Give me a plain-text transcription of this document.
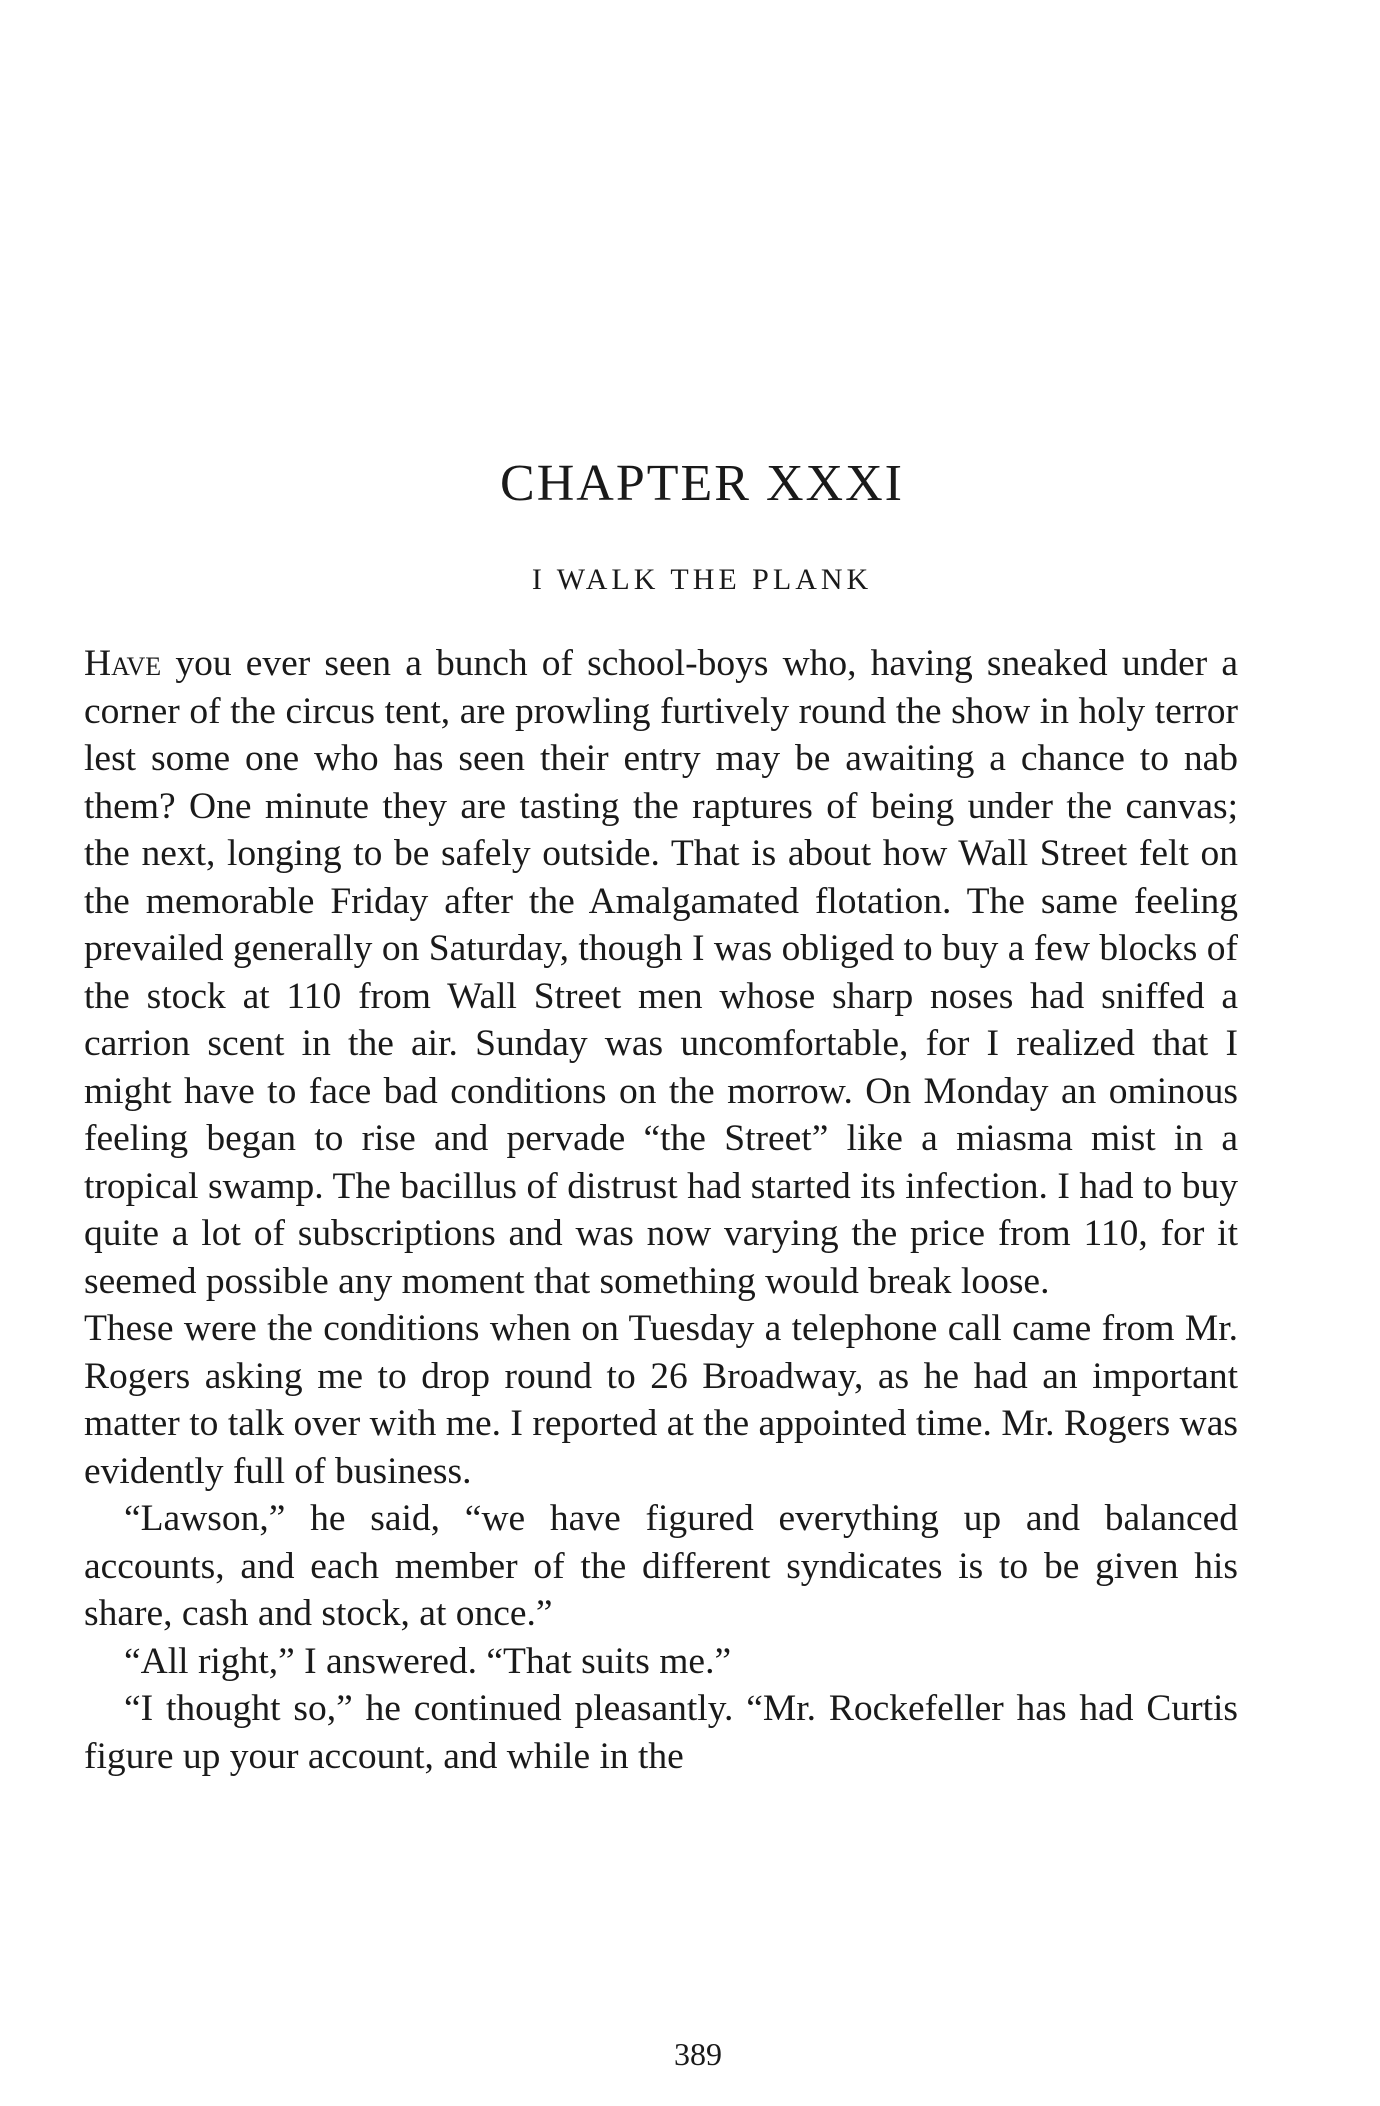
CHAPTER XXXI
I WALK THE PLANK

Have you ever seen a bunch of school-boys who, having sneaked under a corner of the circus tent, are prowling furtively round the show in holy terror lest some one who has seen their entry may be awaiting a chance to nab them? One minute they are tasting the raptures of being under the canvas; the next, longing to be safely outside. That is about how Wall Street felt on the memorable Friday after the Amalgamated flotation. The same feeling prevailed generally on Saturday, though I was obliged to buy a few blocks of the stock at 110 from Wall Street men whose sharp noses had sniffed a carrion scent in the air. Sunday was uncomfortable, for I realized that I might have to face bad conditions on the morrow. On Monday an ominous feeling began to rise and pervade “the Street” like a miasma mist in a tropical swamp. The bacillus of distrust had started its infection. I had to buy quite a lot of subscriptions and was now varying the price from 110, for it seemed possible any moment that something would break loose.

These were the conditions when on Tuesday a telephone call came from Mr. Rogers asking me to drop round to 26 Broadway, as he had an important matter to talk over with me. I reported at the appointed time. Mr. Rogers was evidently full of business.

“Lawson,” he said, “we have figured everything up and balanced accounts, and each member of the different syndicates is to be given his share, cash and stock, at once.”

“All right,” I answered. “That suits me.”

“I thought so,” he continued pleasantly. “Mr. Rockefeller has had Curtis figure up your account, and while in the

389
